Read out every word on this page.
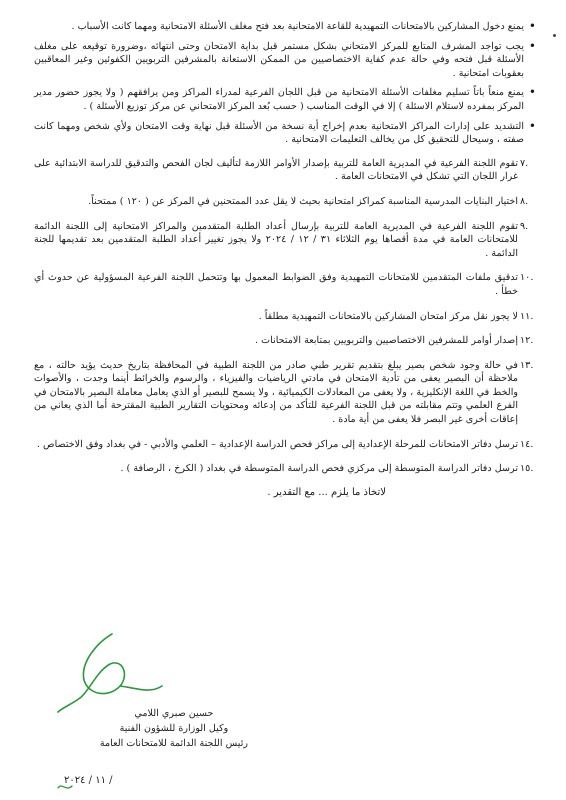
• يمنع دخول المشاركين بالامتحانات التمهيدية للقاعة الامتحانية بعد فتح مغلف الأسئلة الامتحانية ومهما كانت الأسباب .
• يجب تواجد المشرف المتابع للمركز الامتحاني بشكل مستمر قبل بداية الامتحان وحتى انتهائه ،وضرورة توقيعه على مغلف الأسئلة قبل فتحه وفي حالة عدم كفاية الاختصاصيين من الممكن الاستعانة بالمشرفين التربويين الكفوئين وغير المعاقبين بعقوبات امتحانية .
• يمنع منعاً باتاً تسليم مغلفات الأسئلة الامتحانية من قبل اللجان الفرعية لمدراء المراكز ومن يرافقهم ( ولا يجوز حضور مدير المركز بمفرده لاستلام الاسئلة ) إلا في الوقت المناسب ( حسب بُعد المركز الامتحاني عن مركز توزيع الأسئلة ) .
• التشديد على إدارات المراكز الامتحانية بعدم إخراج أية نسخة من الأسئلة قبل نهاية وقت الامتحان ولأي شخص ومهما كانت صفته ، وسيحال للتحقيق كل من يخالف التعليمات الامتحانية .
٧.
تقوم اللجنة الفرعية في المديرية العامة للتربية بإصدار الأوامر اللازمة لتأليف لجان الفحص والتدقيق للدراسة الابتدائية على غرار اللجان التي تشكل في الامتحانات العامة .
٨.
اختيار البنايات المدرسية المناسبة كمراكز امتحانية بحيث لا يقل عدد الممتحنين في المركز عن ( ١٢٠ ) ممتحناً.
٩.
تقوم اللجنة الفرعية في المديرية العامة للتربية بإرسال أعداد الطلبة المتقدمين والمراكز الامتحانية إلى اللجنة الدائمة للامتحانات العامة في مدة أقصاها يوم الثلاثاء ٣١ / ١٢ / ٢٠٢٤ ولا يجوز تغيير أعداد الطلبة المتقدمين بعد تقديمها للجنة الدائمة .
١٠.
تدقيق ملفات المتقدمين للامتحانات التمهيدية وفق الضوابط المعمول بها وتتحمل اللجنة الفرعية المسؤولية عن حدوث أي خطأ .
١١.
لا يجوز نقل مركز امتحان المشاركين بالامتحانات التمهيدية مطلقاً .
١٢.
إصدار أوامر للمشرفين الاختصاصيين والتربويين بمتابعة الامتحانات .
١٣.
في حالة وجود شخص بصير يبلغ بتقديم تقرير طبي صادر من اللجنة الطبية في المحافظة بتاريخ حديث يؤيد حالته ، مع ملاحظة أن البصير يعفى من تأدية الامتحان في مادتي الرياضيات والفيزياء ، والرسوم والخرائط أينما وجدت ، والأصوات والخط في اللغة الإنكليزية ، ولا يعفى من المعادلات الكيميائية ، ولا يسمح للبصير أو الذي يعامل معاملة البصير بالامتحان في الفرع العلمي وتتم مقابلته من قبل اللجنة الفرعية للتأكد من إدعائه ومحتويات التقارير الطبية المقترحة أما الذي يعاني من إعاقات أخرى غير البصر فلا يعفى من أية مادة .
١٤.
ترسل دفاتر الامتحانات للمرحلة الإعدادية إلى مراكز فحص الدراسة الإعدادية – العلمي والأدبي - في بغداد وفق الاختصاص .
١٥.
ترسل دفاتر الدراسة المتوسطة إلى مركزي فحص الدراسة المتوسطة في بغداد ( الكرخ ، الرصافة ) .
لاتخاذ ما يلزم ... مع التقدير .
حسين صبري اللامي
وكيل الوزارة للشؤون الفنية
رئيس اللجنة الدائمة للامتحانات العامة
/ ١١ / ٢٠٢٤
